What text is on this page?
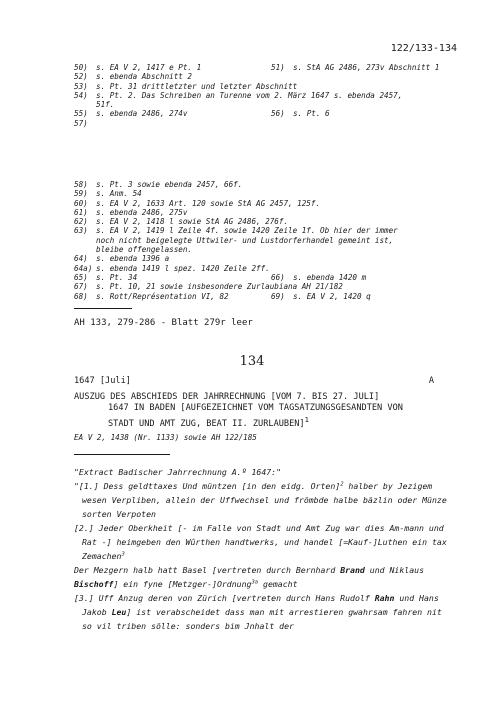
122/133-134
50) s. EA V 2, 1417 e Pt. 1	51) s. StA AG 2486, 273v Abschnitt 1
52) s. ebenda Abschnitt 2
53) s. Pt. 31 drittletzter und letzter Abschnitt
54) s. Pt. 2. Das Schreiben an Turenne vom 2. März 1647 s. ebenda 2457,
51f.
55) s. ebenda 2486, 274v	56) s. Pt. 6
57)
58) s. Pt. 3 sowie ebenda 2457, 66f.
59) s. Anm. 54
60) s. EA V 2, 1633 Art. 120 sowie StA AG 2457, 125f.
61) s. ebenda 2486, 275v
62) s. EA V 2, 1418 l sowie StA AG 2486, 276f.
63) s. EA V 2, 1419 l Zeile 4f. sowie 1420 Zeile 1f. Ob hier der immer
noch nicht beigelegte Uttwiler- und Lustdorferhandel gemeint ist,
bleibe offengelassen.
64) s. ebenda 1396 a
64a) s. ebenda 1419 l spez. 1420 Zeile 2ff.
65) s. Pt. 34	66) s. ebenda 1420 m
67) s. Pt. 10, 21 sowie insbesondere Zurlaubiana AH 21/182
68) s. Rott/Représentation VI, 82	69) s. EA V 2, 1420 q
AH 133, 279-286 - Blatt 279r leer
134
1647 [Juli]	A
AUSZUG DES ABSCHIEDS DER JAHRRECHNUNG [VOM 7. BIS 27. JULI]
1647 IN BADEN [AUFGEZEICHNET VOM TAGSATZUNGSGESANDTEN VON
STADT UND AMT ZUG, BEAT II. ZURLAUBEN]$^1$
EA V 2, 1438 (Nr. 1133) sowie AH 122/185

"Extract Badischer Jahrrechnung A.º 1647:"

"[1.] Dess geldttaxes Und müntzen [in den eidg. Orten]$^2$ halber by Jezigem wesen Verpliben, allein der Uffwechsel und frömbde halbe bäzlin oder Münze sorten Verpoten

[2.] Jeder Oberkheit [- im Falle von Stadt und Amt Zug war dies Am-mann und Rat -] heimgeben den Wûrthen handtwerks, und handel [=Kauf-]Luthen ein tax Zemachen$^3$

Der Mezgern halb hatt Basel [vertreten durch Bernhard Brand und Niklaus Bischoff] ein fyne [Metzger-]Ordnung$^{3a}$ gemacht

[3.] Uff Anzug deren von Zürich [vertreten durch Hans Rudolf Rahn und Hans Jakob Leu] ist verabscheidet dass man mit arrestieren gwahrsam fahren nit so vil triben sölle: sonders bim Jnhalt der
